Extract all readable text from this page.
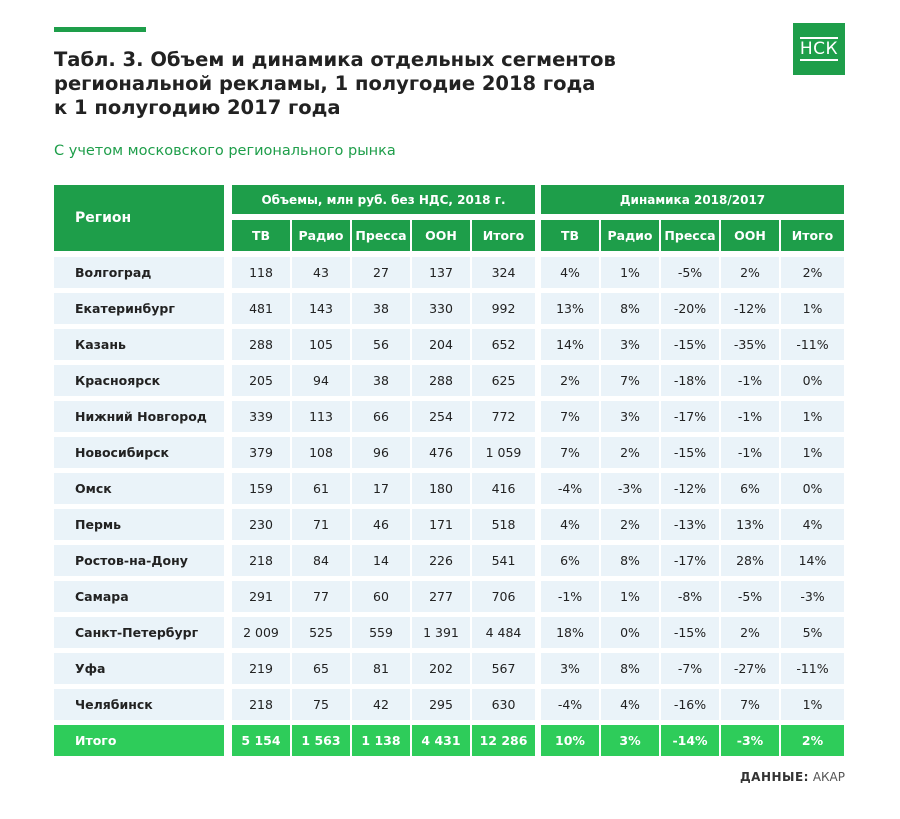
НСК
Табл. 3. Объем и динамика отдельных сегментов
региональной рекламы, 1 полугодие 2018 года
к 1 полугодию 2017 года
С учетом московского регионального рынка
Регион
Объемы, млн руб. без НДС, 2018 г.	Динамика 2018/2017
ТВ	Радио Пресса	ООН	Итого	ТВ	Радио Пресса	ООН	Итого
Волгоград	118	43	27	137	324	4%	1%	-5%	2%	2%
Екатеринбург	481	143	38	330	992	13%	8%	-20%	-12%	1%
Казань	288	105	56	204	652	14%	3%	-15%	-35%	-11%
Красноярск	205	94	38	288	625	2%	7%	-18%	-1%	0%
Нижний Новгород	339	113	66	254	772	7%	3%	-17%	-1%	1%
Новосибирск	379	108	96	476	1 059	7%	2%	-15%	-1%	1%
Омск	159	61	17	180	416	-4%	-3%	-12%	6%	0%
Пермь	230	71	46	171	518	4%	2%	-13%	13%	4%
Ростов-на-Дону	218	84	14	226	541	6%	8%	-17%	28%	14%
Самара	291	77	60	277	706	-1%	1%	-8%	-5%	-3%
Санкт-Петербург	2 009	525	559	1 391	4 484	18%	0%	-15%	2%	5%
Уфа	219	65	81	202	567	3%	8%	-7%	-27%	-11%
Челябинск	218	75	42	295	630	-4%	4%	-16%	7%	1%
Итого	5 154	1 563	1 138	4 431	12 286	10%	3%	-14%	-3%	2%
ДАННЫЕ: АКАР
